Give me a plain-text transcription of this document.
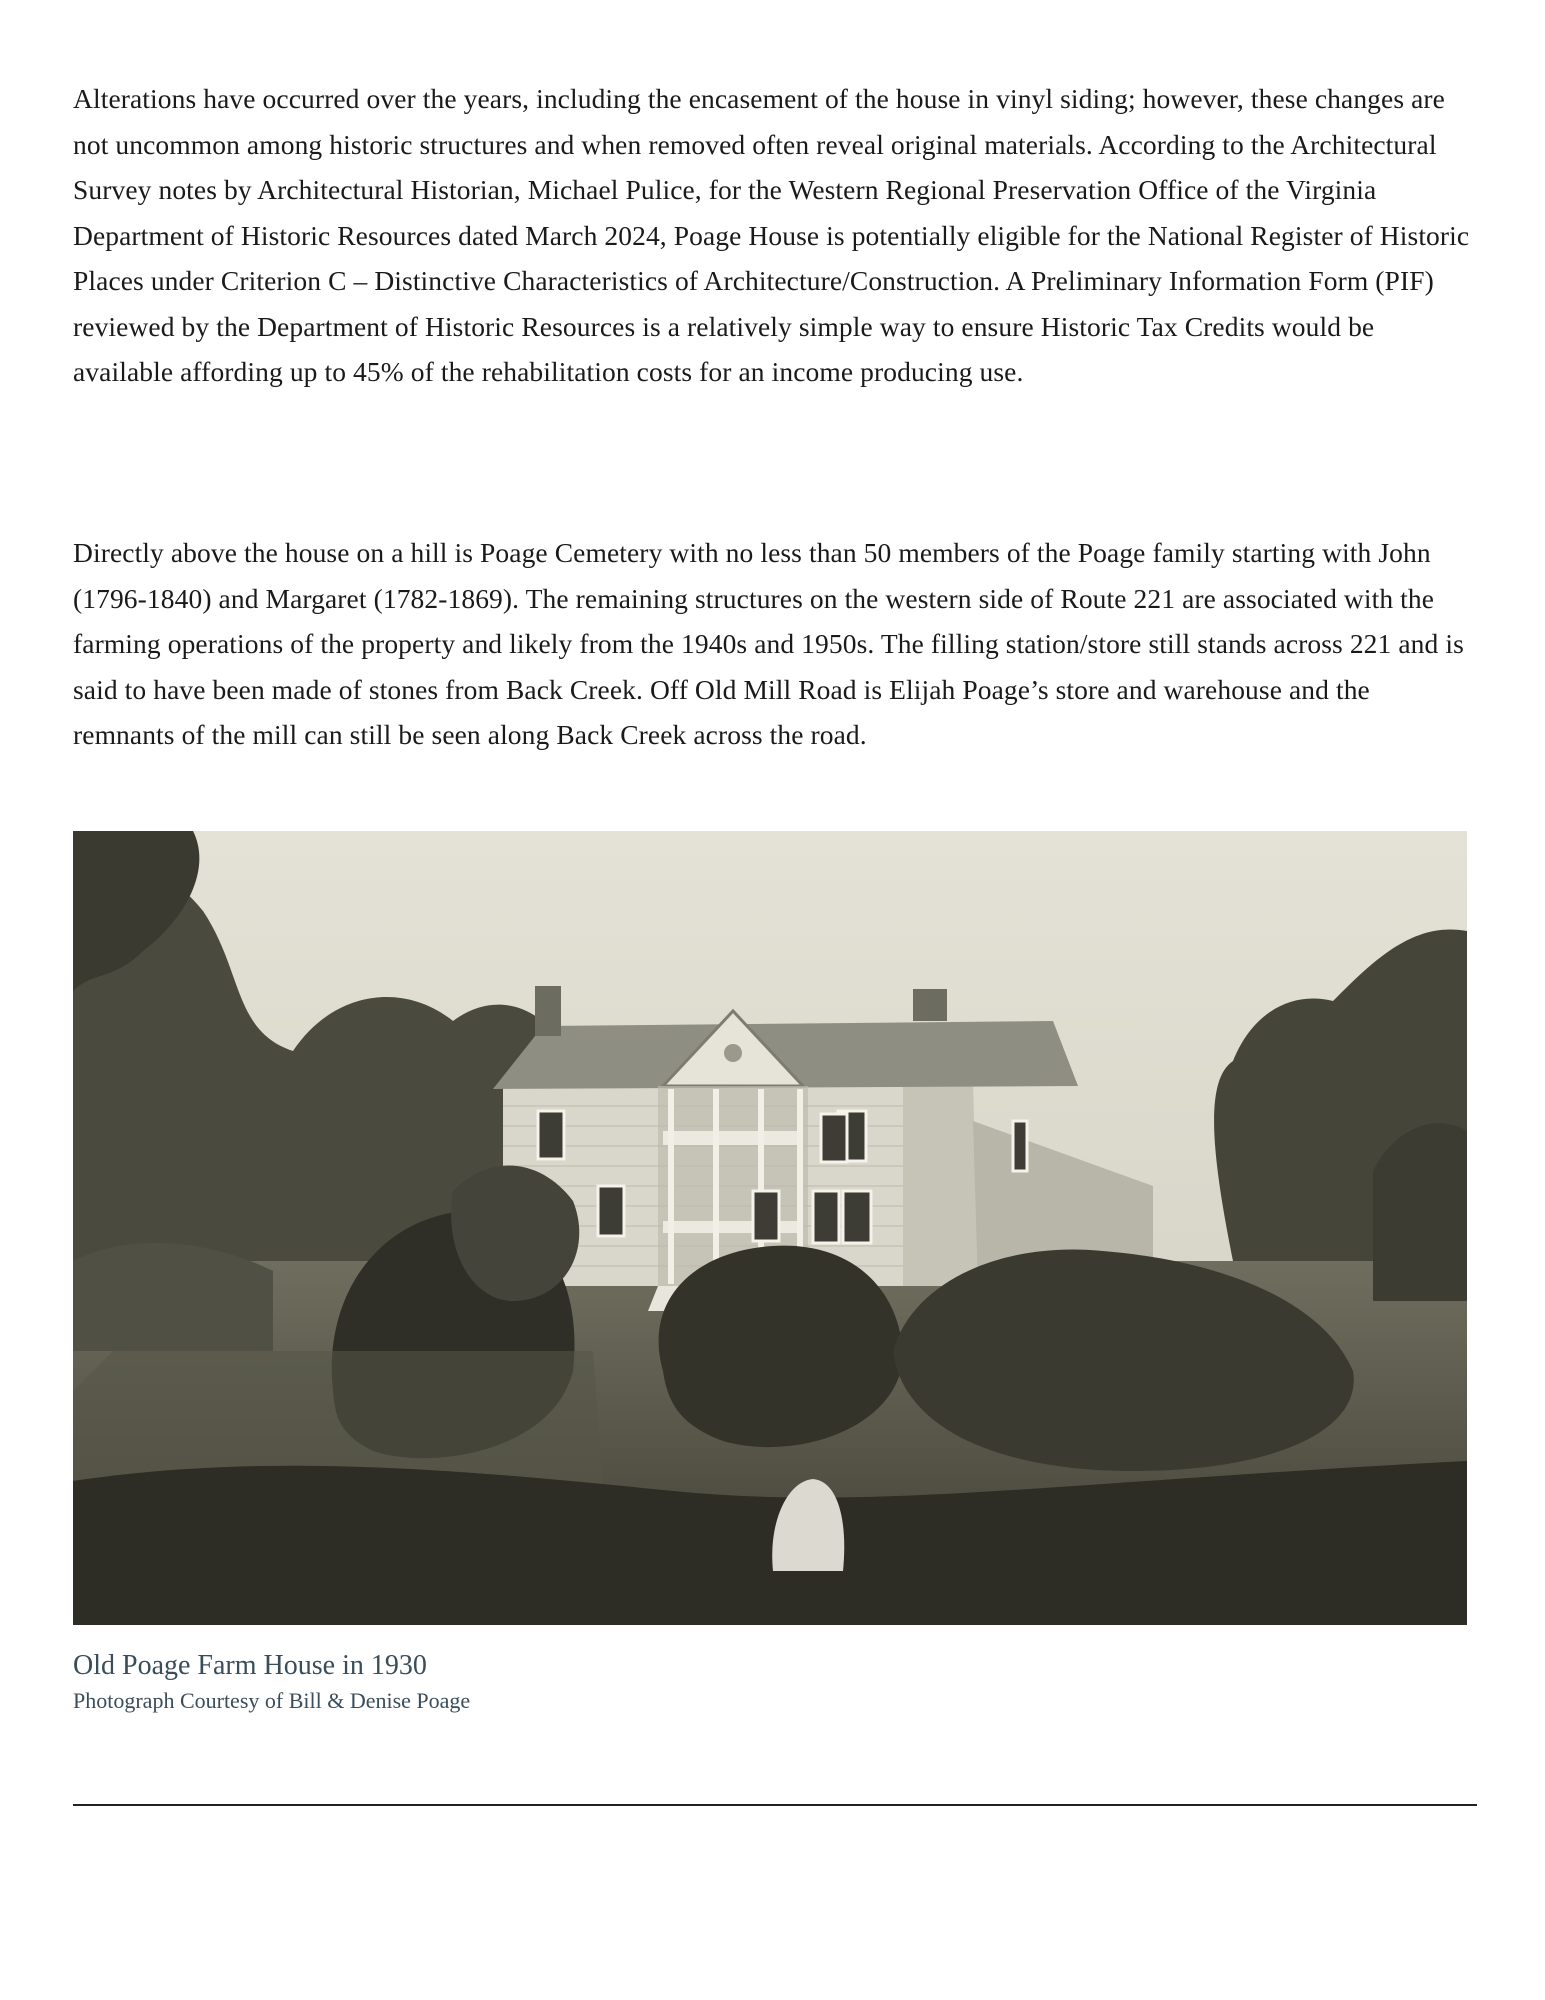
Alterations have occurred over the years, including the encasement of the house in vinyl siding; however, these changes are not uncommon among historic structures and when removed often reveal original materials. According to the Architectural Survey notes by Architectural Historian, Michael Pulice, for the Western Regional Preservation Office of the Virginia Department of Historic Resources dated March 2024, Poage House is potentially eligible for the National Register of Historic Places under Criterion C – Distinctive Characteristics of Architecture/Construction. A Preliminary Information Form (PIF) reviewed by the Department of Historic Resources is a relatively simple way to ensure Historic Tax Credits would be available affording up to 45% of the rehabilitation costs for an income producing use.

Directly above the house on a hill is Poage Cemetery with no less than 50 members of the Poage family starting with John (1796-1840) and Margaret (1782-1869). The remaining structures on the western side of Route 221 are associated with the farming operations of the property and likely from the 1940s and 1950s. The filling station/store still stands across 221 and is said to have been made of stones from Back Creek. Off Old Mill Road is Elijah Poage’s store and warehouse and the remnants of the mill can still be seen along Back Creek across the road.

Old Poage Farm House in 1930

Photograph Courtesy of Bill & Denise Poage
